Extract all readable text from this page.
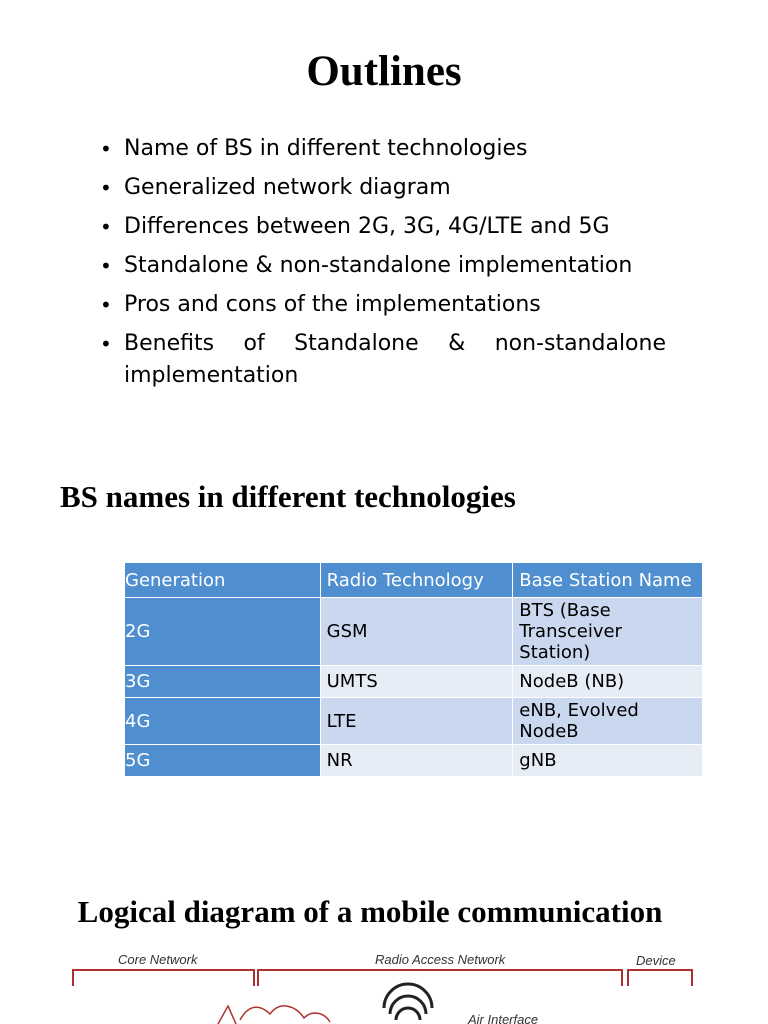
Outlines
• Name of BS in different technologies
• Generalized network diagram
• Differences between 2G, 3G, 4G/LTE and 5G
• Standalone & non-standalone implementation
• Pros and cons of the implementations
• Benefits of Standalone & non-standalone implementation
BS names in different technologies
Generation	Radio Technology	Base Station Name
2G	GSM	BTS (Base Transceiver Station)
3G	UMTS	NodeB (NB)
4G	LTE	eNB, Evolved NodeB
5G	NR	gNB
Logical diagram of a mobile communication
Core Network	Radio Access Network	Device
Air Interface
